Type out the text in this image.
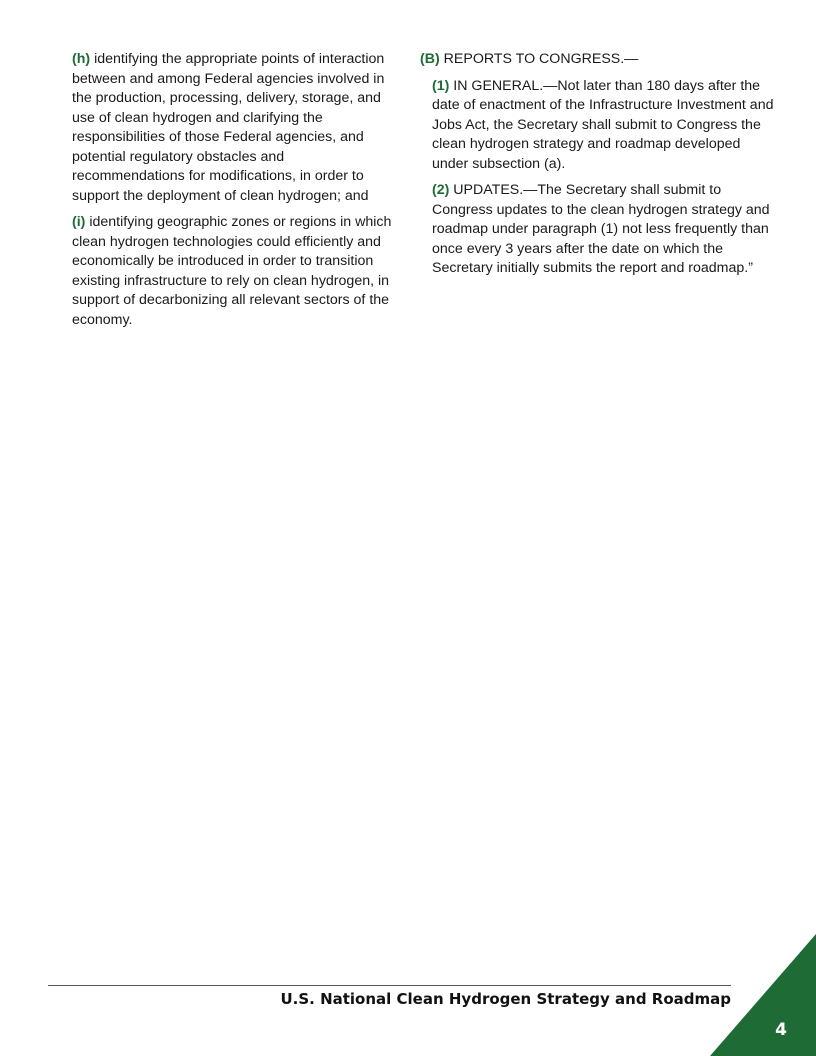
(h) identifying the appropriate points of interaction between and among Federal agencies involved in the production, processing, delivery, storage, and use of clean hydrogen and clarifying the responsibilities of those Federal agencies, and potential regulatory obstacles and recommendations for modifications, in order to support the deployment of clean hydrogen; and

(i) identifying geographic zones or regions in which clean hydrogen technologies could efficiently and economically be introduced in order to transition existing infrastructure to rely on clean hydrogen, in support of decarbonizing all relevant sectors of the economy.

(B) REPORTS TO CONGRESS.—

(1) IN GENERAL.—Not later than 180 days after the date of enactment of the Infrastructure Investment and Jobs Act, the Secretary shall submit to Congress the clean hydrogen strategy and roadmap developed under subsection (a).

(2) UPDATES.—The Secretary shall submit to Congress updates to the clean hydrogen strategy and roadmap under paragraph (1) not less frequently than once every 3 years after the date on which the Secretary initially submits the report and roadmap.”

U.S. National Clean Hydrogen Strategy and Roadmap
4
